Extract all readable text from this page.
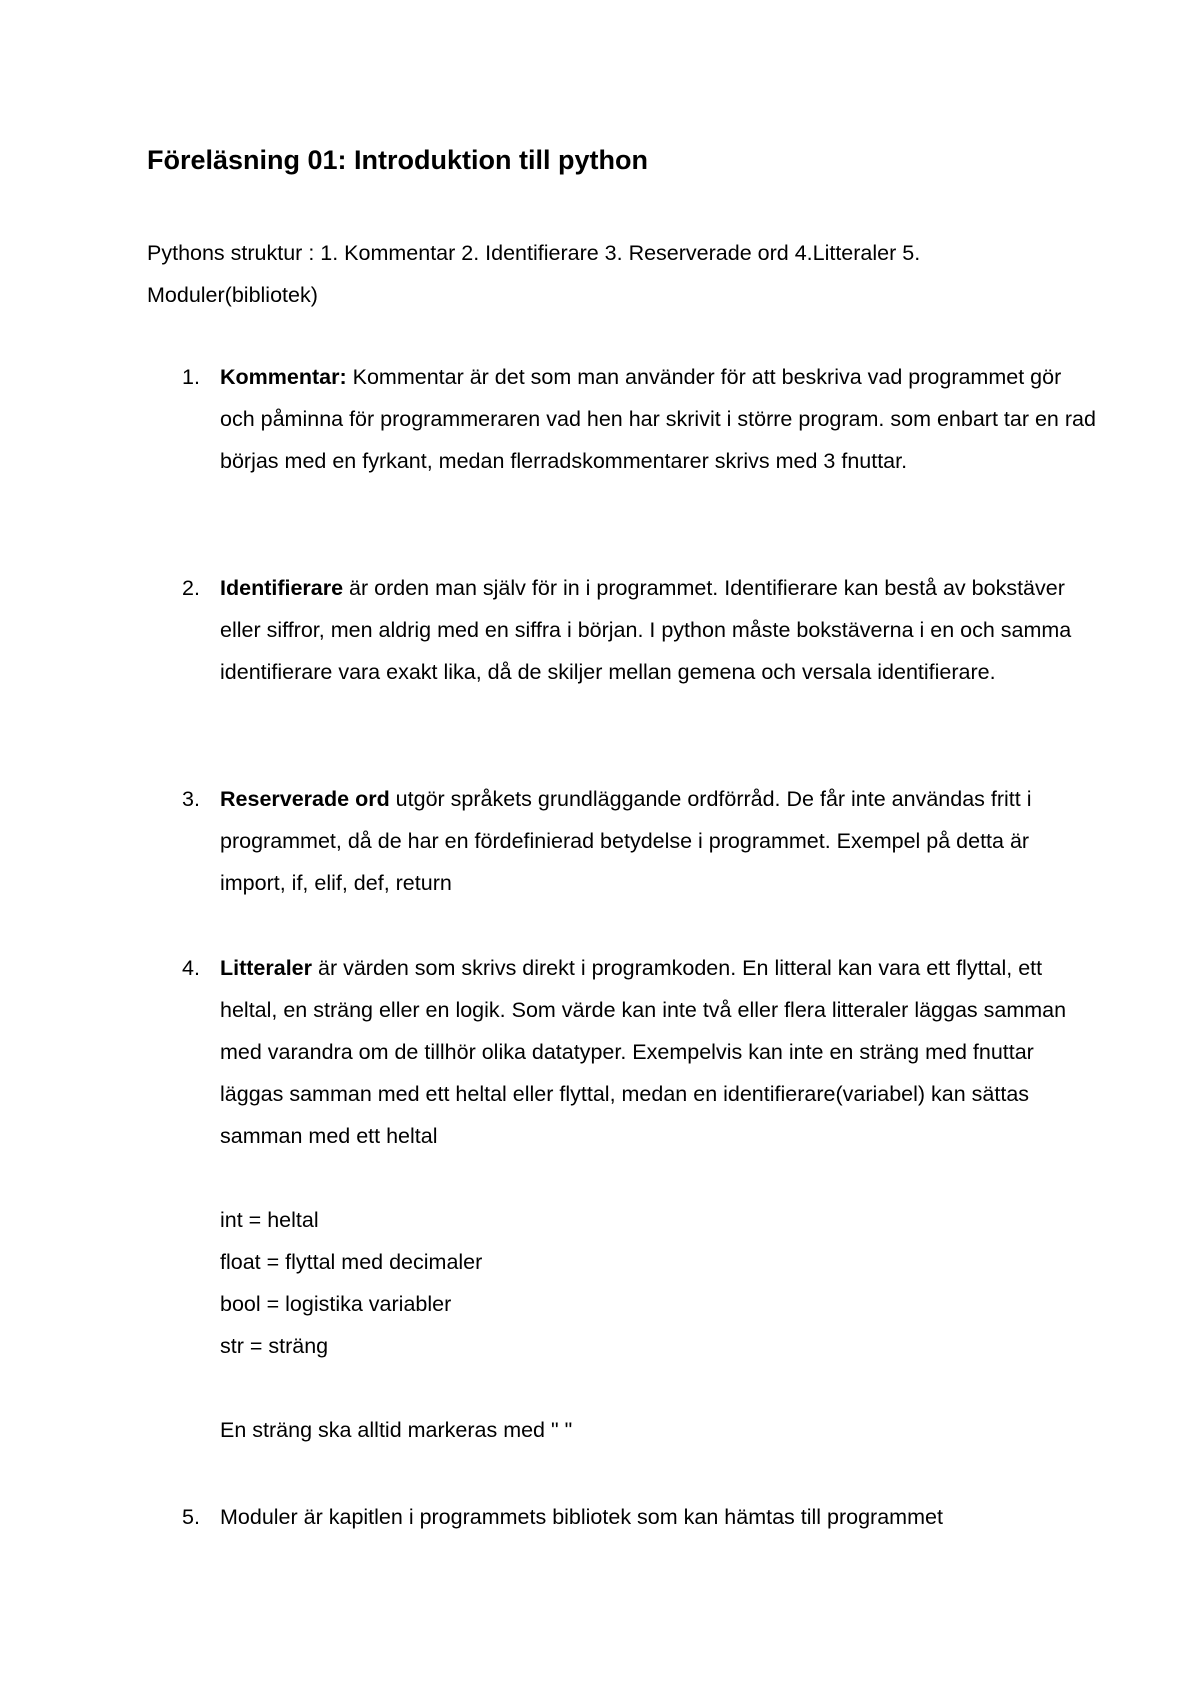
Föreläsning 01: Introduktion till python

Pythons struktur : 1. Kommentar 2. Identifierare 3. Reserverade ord 4.Litteraler 5. Moduler(bibliotek)

1. Kommentar: Kommentar är det som man använder för att beskriva vad programmet gör och påminna för programmeraren vad hen har skrivit i större program. som enbart tar en rad börjas med en fyrkant, medan flerradskommentarer skrivs med 3 fnuttar.
2. Identifierare är orden man själv för in i programmet. Identifierare kan bestå av bokstäver eller siffror, men aldrig med en siffra i början. I python måste bokstäverna i en och samma identifierare vara exakt lika, då de skiljer mellan gemena och versala identifierare.
3. Reserverade ord utgör språkets grundläggande ordförråd. De får inte användas fritt i programmet, då de har en fördefinierad betydelse i programmet. Exempel på detta är import, if, elif, def, return
4. Litteraler är värden som skrivs direkt i programkoden. En litteral kan vara ett flyttal, ett heltal, en sträng eller en logik. Som värde kan inte två eller flera litteraler läggas samman med varandra om de tillhör olika datatyper. Exempelvis kan inte en sträng med fnuttar läggas samman med ett heltal eller flyttal, medan en identifierare(variabel) kan sättas samman med ett heltal

int = heltal

float = flyttal med decimaler

bool = logistika variabler

str = sträng

En sträng ska alltid markeras med " "

5. Moduler är kapitlen i programmets bibliotek som kan hämtas till programmet
